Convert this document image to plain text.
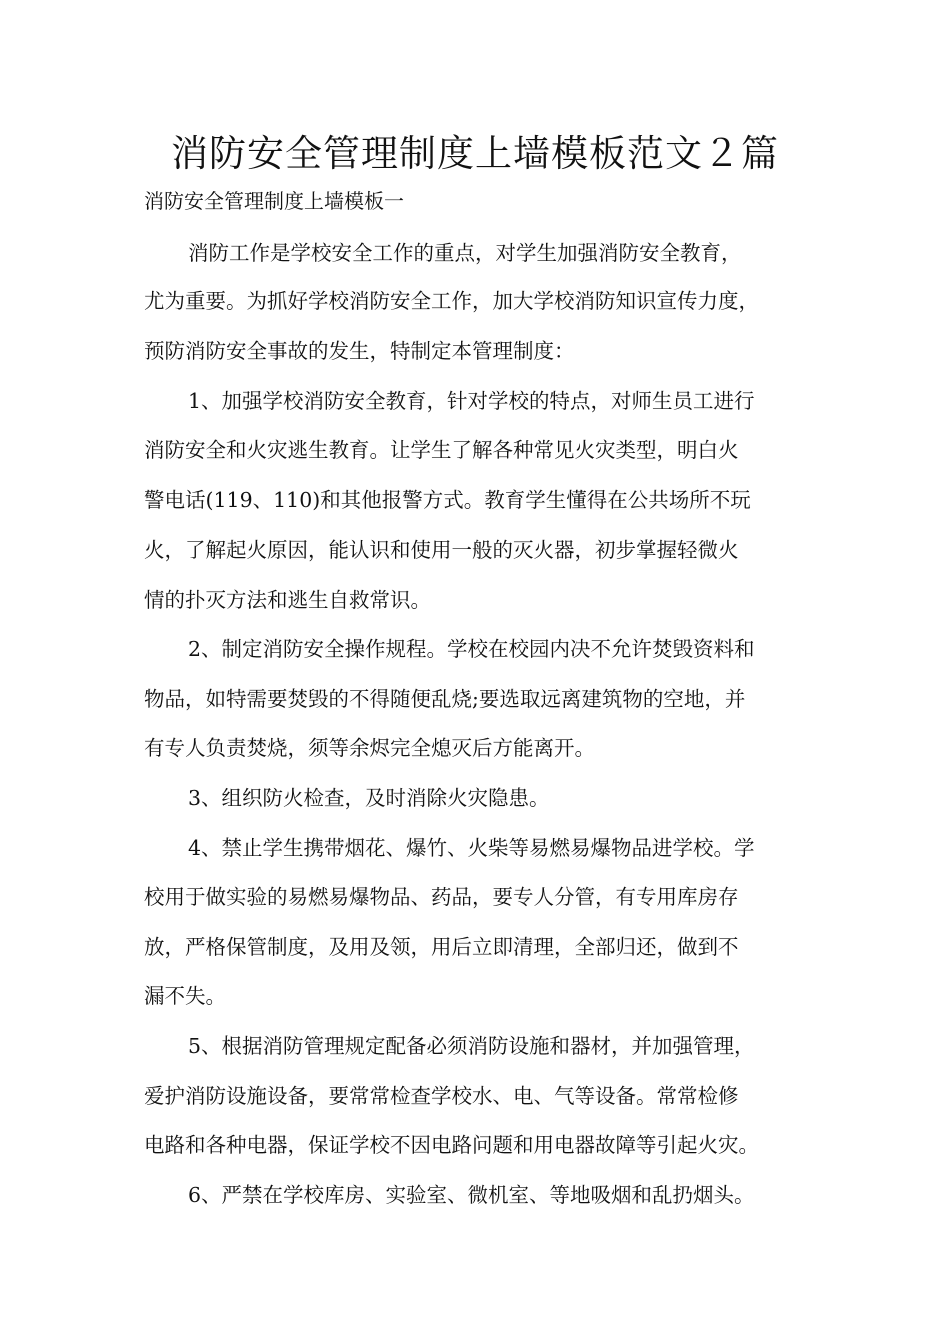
消防安全管理制度上墙模板范文２篇

消防安全管理制度上墙模板一

消防工作是学校安全工作的重点，对学生加强消防安全教育，

尤为重要。为抓好学校消防安全工作，加大学校消防知识宣传力度，

预防消防安全事故的发生，特制定本管理制度：

1、加强学校消防安全教育，针对学校的特点，对师生员工进行

消防安全和火灾逃生教育。让学生了解各种常见火灾类型，明白火

警电话(119、110)和其他报警方式。教育学生懂得在公共场所不玩

火，了解起火原因，能认识和使用一般的灭火器，初步掌握轻微火

情的扑灭方法和逃生自救常识。

2、制定消防安全操作规程。学校在校园内决不允许焚毁资料和

物品，如特需要焚毁的不得随便乱烧;要选取远离建筑物的空地，并

有专人负责焚烧，须等余烬完全熄灭后方能离开。

3、组织防火检查，及时消除火灾隐患。

4、禁止学生携带烟花、爆竹、火柴等易燃易爆物品进学校。学

校用于做实验的易燃易爆物品、药品，要专人分管，有专用库房存

放，严格保管制度，及用及领，用后立即清理，全部归还，做到不

漏不失。

5、根据消防管理规定配备必须消防设施和器材，并加强管理，

爱护消防设施设备，要常常检查学校水、电、气等设备。常常检修

电路和各种电器，保证学校不因电路问题和用电器故障等引起火灾。

6、严禁在学校库房、实验室、微机室、等地吸烟和乱扔烟头。
